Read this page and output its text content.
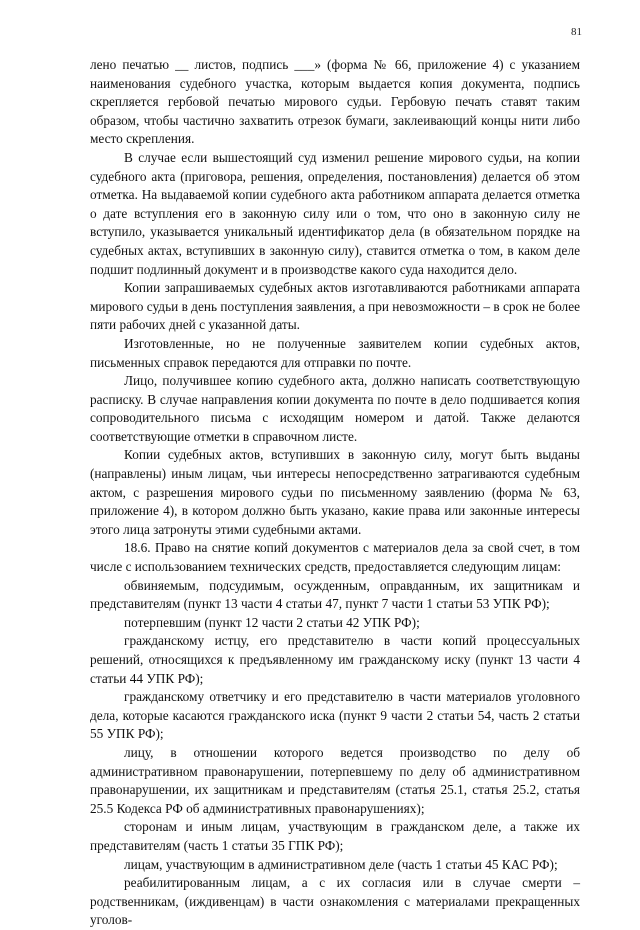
81

лено печатью __ листов, подпись ___» (форма № 66, приложение 4) с указанием наименования судебного участка, которым выдается копия документа, подпись скрепляется гербовой печатью мирового судьи. Гербовую печать ставят таким образом, чтобы частично захватить отрезок бумаги, заклеивающий концы нити либо место скрепления.

В случае если вышестоящий суд изменил решение мирового судьи, на копии судебного акта (приговора, решения, определения, постановления) делается об этом отметка. На выдаваемой копии судебного акта работником аппарата делается отметка о дате вступления его в законную силу или о том, что оно в законную силу не вступило, указывается уникальный идентификатор дела (в обязательном порядке на судебных актах, вступивших в законную силу), ставится отметка о том, в каком деле подшит подлинный документ и в производстве какого суда находится дело.

Копии запрашиваемых судебных актов изготавливаются работниками аппарата мирового судьи в день поступления заявления, а при невозможности – в срок не более пяти рабочих дней с указанной даты.

Изготовленные, но не полученные заявителем копии судебных актов, письменных справок передаются для отправки по почте.

Лицо, получившее копию судебного акта, должно написать соответствующую расписку. В случае направления копии документа по почте в дело подшивается копия сопроводительного письма с исходящим номером и датой. Также делаются соответствующие отметки в справочном листе.

Копии судебных актов, вступивших в законную силу, могут быть выданы (направлены) иным лицам, чьи интересы непосредственно затрагиваются судебным актом, с разрешения мирового судьи по письменному заявлению (форма № 63, приложение 4), в котором должно быть указано, какие права или законные интересы этого лица затронуты этими судебными актами.

18.6. Право на снятие копий документов с материалов дела за свой счет, в том числе с использованием технических средств, предоставляется следующим лицам:

обвиняемым, подсудимым, осужденным, оправданным, их защитникам и представителям (пункт 13 части 4 статьи 47, пункт 7 части 1 статьи 53 УПК РФ);

потерпевшим (пункт 12 части 2 статьи 42 УПК РФ);

гражданскому истцу, его представителю в части копий процессуальных решений, относящихся к предъявленному им гражданскому иску (пункт 13 части 4 статьи 44 УПК РФ);

гражданскому ответчику и его представителю в части материалов уголовного дела, которые касаются гражданского иска (пункт 9 части 2 статьи 54, часть 2 статьи 55 УПК РФ);

лицу, в отношении которого ведется производство по делу об административном правонарушении, потерпевшему по делу об административном правонарушении, их защитникам и представителям (статья 25.1, статья 25.2, статья 25.5 Кодекса РФ об административных правонарушениях);

сторонам и иным лицам, участвующим в гражданском деле, а также их представителям (часть 1 статьи 35 ГПК РФ);

лицам, участвующим в административном деле (часть 1 статьи 45 КАС РФ);

реабилитированным лицам, а с их согласия или в случае смерти – родственникам, (иждивенцам) в части ознакомления с материалами прекращенных уголов-
